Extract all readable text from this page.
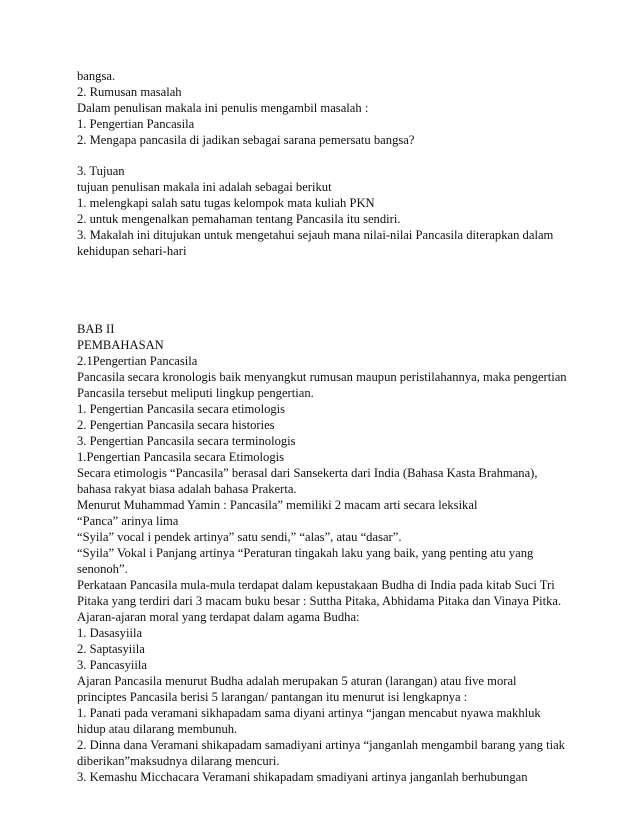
bangsa.
2. Rumusan masalah
Dalam penulisan makala ini penulis mengambil masalah :
1. Pengertian Pancasila
2. Mengapa pancasila di jadikan sebagai sarana pemersatu bangsa?
3. Tujuan
tujuan penulisan makala ini adalah sebagai berikut
1. melengkapi salah satu tugas kelompok mata kuliah PKN
2. untuk mengenalkan pemahaman tentang Pancasila itu sendiri.
3. Makalah ini ditujukan untuk mengetahui sejauh mana nilai-nilai Pancasila diterapkan dalam
kehidupan sehari-hari
BAB II
PEMBAHASAN
2.1Pengertian Pancasila
Pancasila secara kronologis baik menyangkut rumusan maupun peristilahannya, maka pengertian
Pancasila tersebut meliputi lingkup pengertian.
1. Pengertian Pancasila secara etimologis
2. Pengertian Pancasila secara histories
3. Pengertian Pancasila secara terminologis
1.Pengertian Pancasila secara Etimologis
Secara etimologis “Pancasila” berasal dari Sansekerta dari India (Bahasa Kasta Brahmana),
bahasa rakyat biasa adalah bahasa Prakerta.
Menurut Muhammad Yamin : Pancasila” memiliki 2 macam arti secara leksikal
“Panca” arinya lima
“Syila” vocal i pendek artinya” satu sendi,” “alas”, atau “dasar”.
“Syila” Vokal i Panjang artinya “Peraturan tingakah laku yang baik, yang penting atu yang
senonoh”.
Perkataan Pancasila mula-mula terdapat dalam kepustakaan Budha di India pada kitab Suci Tri
Pitaka yang terdiri dari 3 macam buku besar : Suttha Pitaka, Abhidama Pitaka dan Vinaya Pitka.
Ajaran-ajaran moral yang terdapat dalam agama Budha:
1. Dasasyiila
2. Saptasyiila
3. Pancasyiila
Ajaran Pancasila menurut Budha adalah merupakan 5 aturan (larangan) atau five moral
principtes Pancasila berisi 5 larangan/ pantangan itu menurut isi lengkapnya :
1. Panati pada veramani sikhapadam sama diyani artinya “jangan mencabut nyawa makhluk
hidup atau dilarang membunuh.
2. Dinna dana Veramani shikapadam samadiyani artinya “janganlah mengambil barang yang tiak
diberikan”maksudnya dilarang mencuri.
3. Kemashu Micchacara Veramani shikapadam smadiyani artinya janganlah berhubungan
